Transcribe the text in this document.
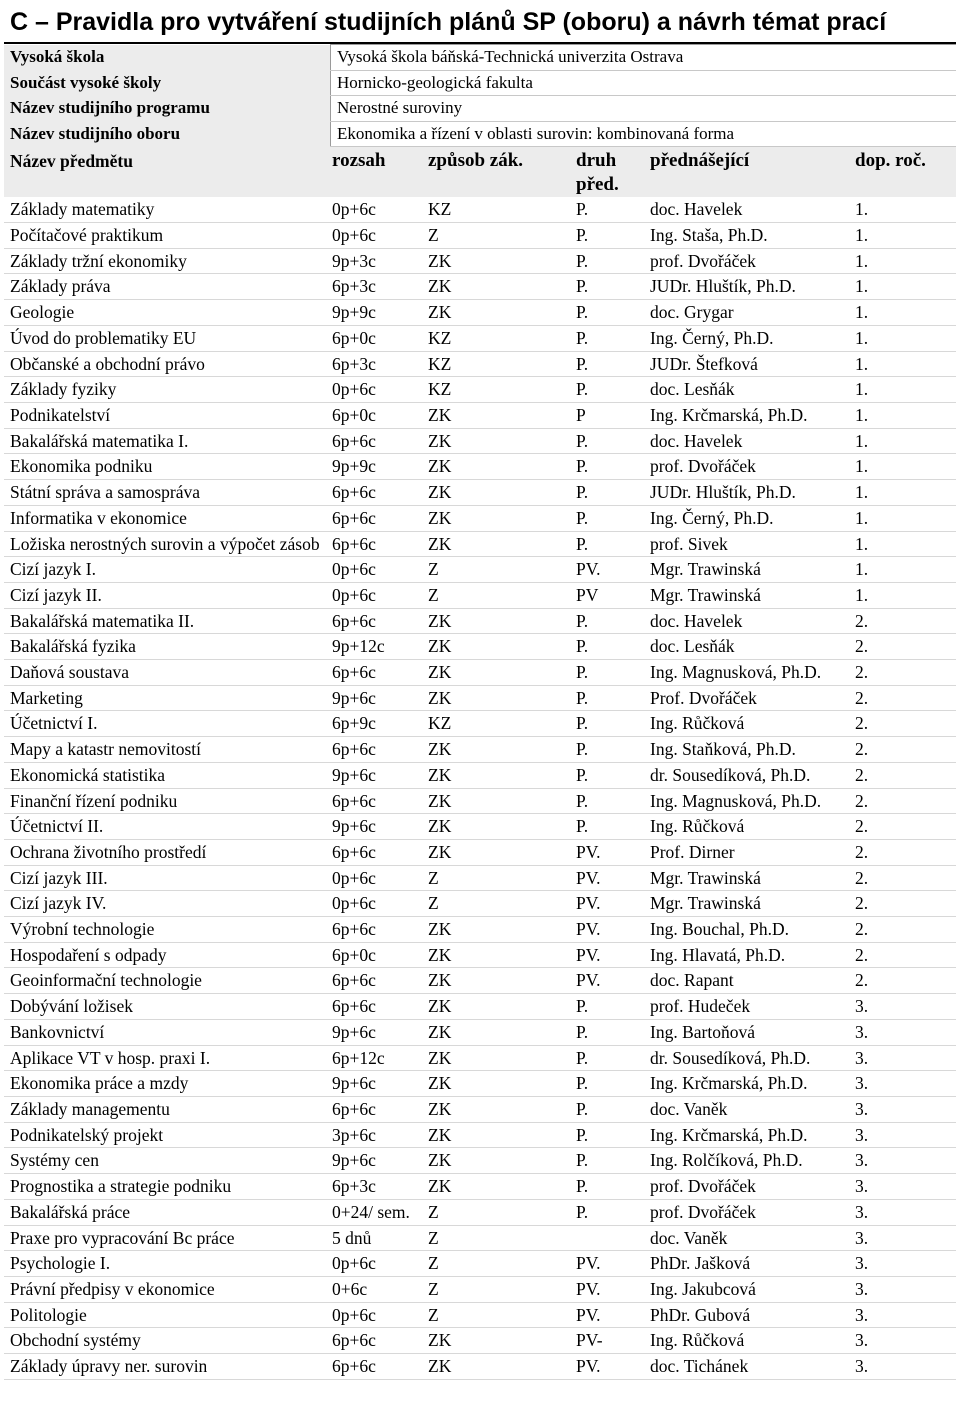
C – Pravidla pro vytváření studijních plánů SP (oboru) a návrh témat prací
Vysoká škola	Vysoká škola báňská-Technická univerzita Ostrava
Součást vysoké školy	Hornicko-geologická fakulta
Název studijního programu	Nerostné suroviny
Název studijního oboru	Ekonomika a řízení v oblasti surovin: kombinovaná forma
Název předmětu	rozsah	způsob zák.	druh před.	přednášející	dop. roč.
Základy matematiky	0p+6c	KZ	P.	doc. Havelek	1.
Počítačové praktikum	0p+6c	Z	P.	Ing. Staša, Ph.D.	1.
Základy tržní ekonomiky	9p+3c	ZK	P.	prof. Dvořáček	1.
Základy práva	6p+3c	ZK	P.	JUDr. Hluštík, Ph.D.	1.
Geologie	9p+9c	ZK	P.	doc. Grygar	1.
Úvod do problematiky EU	6p+0c	KZ	P.	Ing. Černý, Ph.D.	1.
Občanské a obchodní právo	6p+3c	KZ	P.	JUDr. Štefková	1.
Základy fyziky	0p+6c	KZ	P.	doc. Lesňák	1.
Podnikatelství	6p+0c	ZK	P	Ing. Krčmarská, Ph.D.	1.
Bakalářská matematika I.	6p+6c	ZK	P.	doc. Havelek	1.
Ekonomika podniku	9p+9c	ZK	P.	prof. Dvořáček	1.
Státní správa a samospráva	6p+6c	ZK	P.	JUDr. Hluštík, Ph.D.	1.
Informatika v ekonomice	6p+6c	ZK	P.	Ing. Černý, Ph.D.	1.
Ložiska nerostných surovin a výpočet zásob	6p+6c	ZK	P.	prof. Sivek	1.
Cizí jazyk I.	0p+6c	Z	PV.	Mgr. Trawinská	1.
Cizí jazyk II.	0p+6c	Z	PV	Mgr. Trawinská	1.
Bakalářská matematika II.	6p+6c	ZK	P.	doc. Havelek	2.
Bakalářská fyzika	9p+12c	ZK	P.	doc. Lesňák	2.
Daňová soustava	6p+6c	ZK	P.	Ing. Magnusková, Ph.D.	2.
Marketing	9p+6c	ZK	P.	Prof. Dvořáček	2.
Účetnictví I.	6p+9c	KZ	P.	Ing. Růčková	2.
Mapy a katastr nemovitostí	6p+6c	ZK	P.	Ing. Staňková, Ph.D.	2.
Ekonomická statistika	9p+6c	ZK	P.	dr. Sousedíková, Ph.D.	2.
Finanční řízení podniku	6p+6c	ZK	P.	Ing. Magnusková, Ph.D.	2.
Účetnictví II.	9p+6c	ZK	P.	Ing. Růčková	2.
Ochrana životního prostředí	6p+6c	ZK	PV.	Prof. Dirner	2.
Cizí jazyk III.	0p+6c	Z	PV.	Mgr. Trawinská	2.
Cizí jazyk IV.	0p+6c	Z	PV.	Mgr. Trawinská	2.
Výrobní technologie	6p+6c	ZK	PV.	Ing. Bouchal, Ph.D.	2.
Hospodaření s odpady	6p+0c	ZK	PV.	Ing. Hlavatá, Ph.D.	2.
Geoinformační technologie	6p+6c	ZK	PV.	doc. Rapant	2.
Dobývání ložisek	6p+6c	ZK	P.	prof. Hudeček	3.
Bankovnictví	9p+6c	ZK	P.	Ing. Bartoňová	3.
Aplikace VT v hosp. praxi I.	6p+12c	ZK	P.	dr. Sousedíková, Ph.D.	3.
Ekonomika práce a mzdy	9p+6c	ZK	P.	Ing. Krčmarská, Ph.D.	3.
Základy managementu	6p+6c	ZK	P.	doc. Vaněk	3.
Podnikatelský projekt	3p+6c	ZK	P.	Ing. Krčmarská, Ph.D.	3.
Systémy cen	9p+6c	ZK	P.	Ing. Rolčíková, Ph.D.	3.
Prognostika a strategie podniku	6p+3c	ZK	P.	prof. Dvořáček	3.
Bakalářská práce	0+24/ sem.	Z	P.	prof. Dvořáček	3.
Praxe pro vypracování Bc práce	5 dnů	Z		doc. Vaněk	3.
Psychologie I.	0p+6c	Z	PV.	PhDr. Jašková	3.
Právní předpisy v ekonomice	0+6c	Z	PV.	Ing. Jakubcová	3.
Politologie	0p+6c	Z	PV.	PhDr. Gubová	3.
Obchodní systémy	6p+6c	ZK	PV-	Ing. Růčková	3.
Základy úpravy ner. surovin	6p+6c	ZK	PV.	doc. Tichánek	3.
